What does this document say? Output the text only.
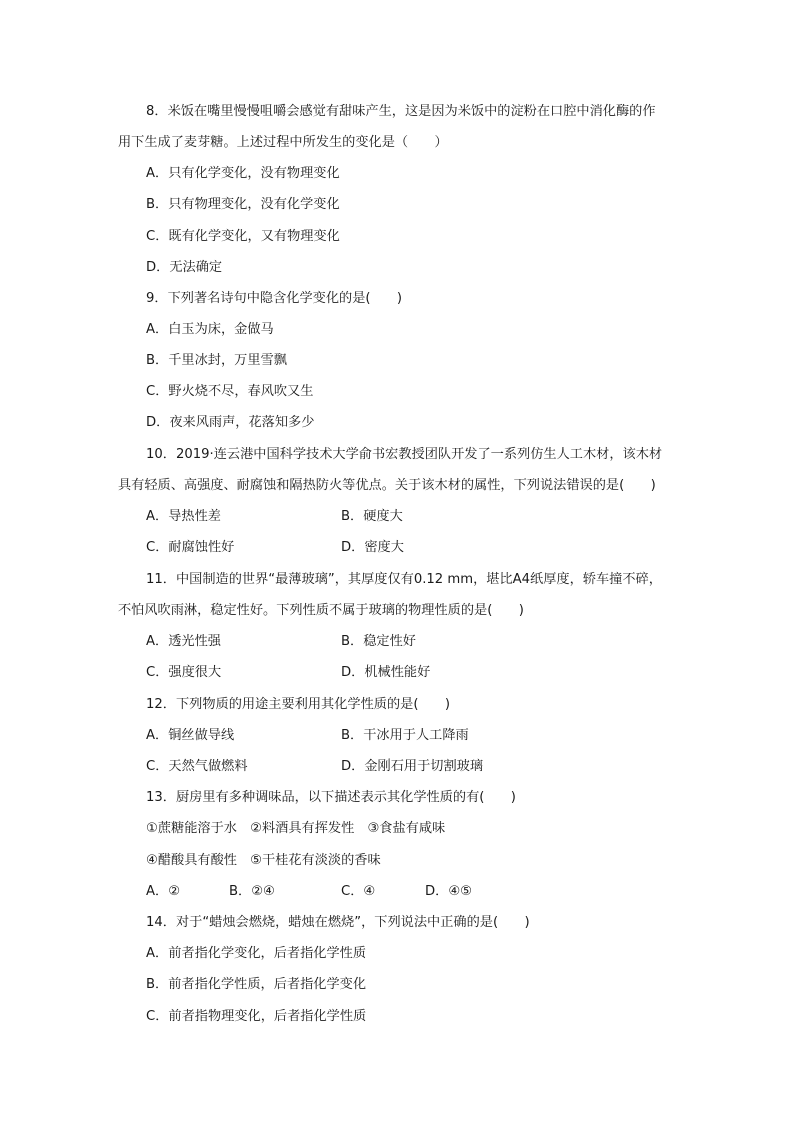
8．米饭在嘴里慢慢咀嚼会感觉有甜味产生，这是因为米饭中的淀粉在口腔中消化酶的作
用下生成了麦芽糖。上述过程中所发生的变化是（　　）
A．只有化学变化，没有物理变化
B．只有物理变化，没有化学变化
C．既有化学变化，又有物理变化
D．无法确定
9．下列著名诗句中隐含化学变化的是(　　)
A．白玉为床，金做马
B．千里冰封，万里雪飘
C．野火烧不尽，春风吹又生
D．夜来风雨声，花落知多少
10．2019·连云港中国科学技术大学俞书宏教授团队开发了一系列仿生人工木材，该木材
具有轻质、高强度、耐腐蚀和隔热防火等优点。关于该木材的属性，下列说法错误的是(　　)
A．导热性差	B．硬度大
C．耐腐蚀性好	D．密度大
11．中国制造的世界“最薄玻璃”，其厚度仅有0.12 mm，堪比A4纸厚度，轿车撞不碎，
不怕风吹雨淋，稳定性好。下列性质不属于玻璃的物理性质的是(　　)
A．透光性强	B．稳定性好
C．强度很大	D．机械性能好
12．下列物质的用途主要利用其化学性质的是(　　)
A．铜丝做导线	B．干冰用于人工降雨
C．天然气做燃料	D．金刚石用于切割玻璃
13．厨房里有多种调味品，以下描述表示其化学性质的有(　　)
①蔗糖能溶于水　②料酒具有挥发性　③食盐有咸味
④醋酸具有酸性　⑤干桂花有淡淡的香味
A．②	B．②④	C．④	D．④⑤
14．对于“蜡烛会燃烧，蜡烛在燃烧”，下列说法中正确的是(　　)
A．前者指化学变化，后者指化学性质
B．前者指化学性质，后者指化学变化
C．前者指物理变化，后者指化学性质
